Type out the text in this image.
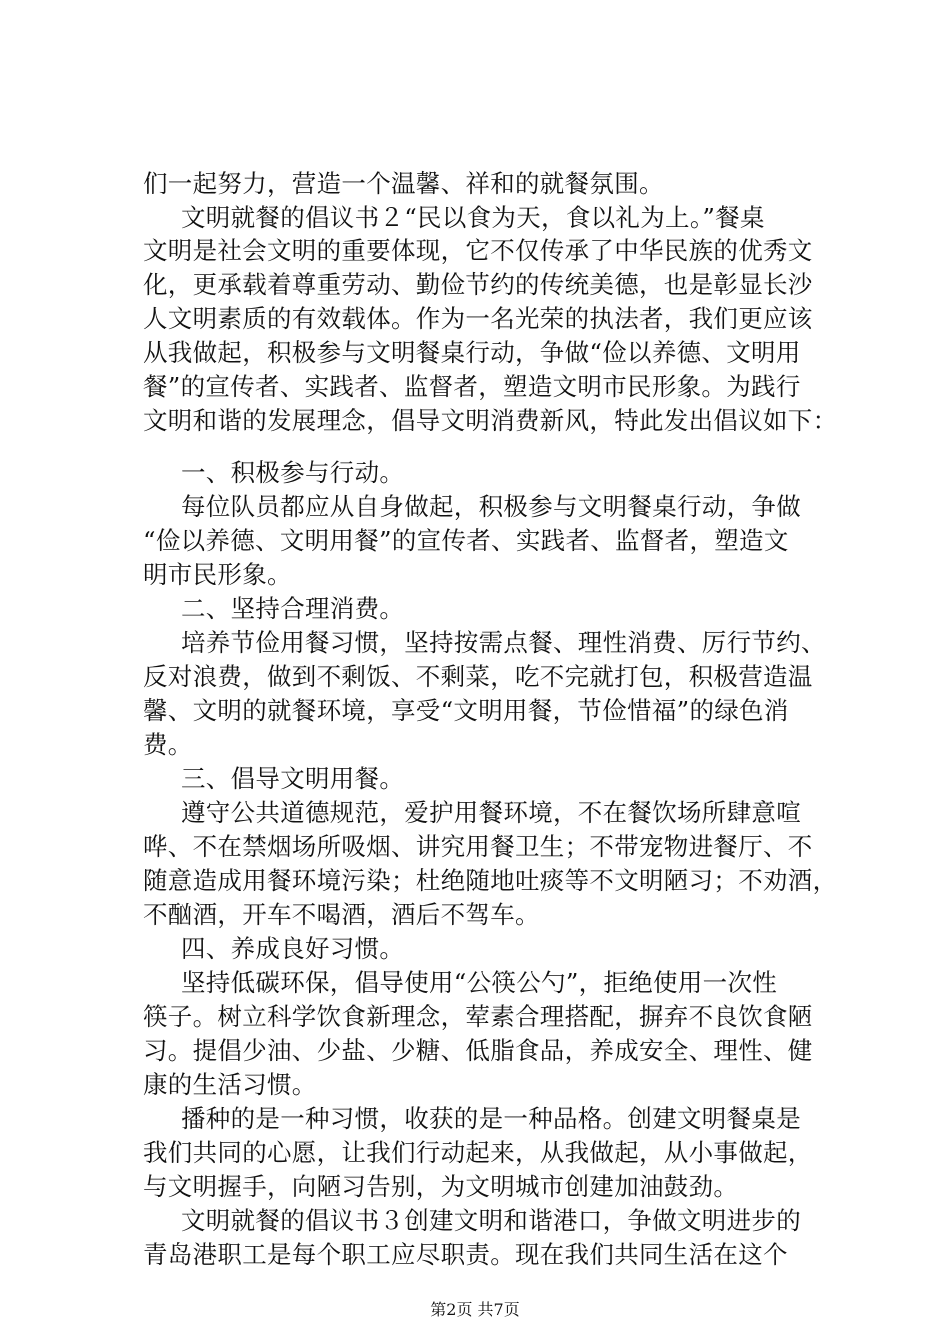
们一起努力，营造一个温馨、祥和的就餐氛围。
文明就餐的倡议书２“民以食为天，食以礼为上。”餐桌
文明是社会文明的重要体现，它不仅传承了中华民族的优秀文
化，更承载着尊重劳动、勤俭节约的传统美德，也是彰显长沙
人文明素质的有效载体。作为一名光荣的执法者，我们更应该
从我做起，积极参与文明餐桌行动，争做“俭以养德、文明用
餐”的宣传者、实践者、监督者，塑造文明市民形象。为践行
文明和谐的发展理念，倡导文明消费新风，特此发出倡议如下：
一、积极参与行动。
每位队员都应从自身做起，积极参与文明餐桌行动，争做
“俭以养德、文明用餐”的宣传者、实践者、监督者，塑造文
明市民形象。
二、坚持合理消费。
培养节俭用餐习惯，坚持按需点餐、理性消费、厉行节约、
反对浪费，做到不剩饭、不剩菜，吃不完就打包，积极营造温
馨、文明的就餐环境，享受“文明用餐，节俭惜福”的绿色消
费。
三、倡导文明用餐。
遵守公共道德规范，爱护用餐环境，不在餐饮场所肆意喧
哗、不在禁烟场所吸烟、讲究用餐卫生；不带宠物进餐厅、不
随意造成用餐环境污染；杜绝随地吐痰等不文明陋习；不劝酒，
不酗酒，开车不喝酒，酒后不驾车。
四、养成良好习惯。
坚持低碳环保，倡导使用“公筷公勺”，拒绝使用一次性
筷子。树立科学饮食新理念，荤素合理搭配，摒弃不良饮食陋
习。提倡少油、少盐、少糖、低脂食品，养成安全、理性、健
康的生活习惯。
播种的是一种习惯，收获的是一种品格。创建文明餐桌是
我们共同的心愿，让我们行动起来，从我做起，从小事做起，
与文明握手，向陋习告别，为文明城市创建加油鼓劲。
文明就餐的倡议书３创建文明和谐港口，争做文明进步的
青岛港职工是每个职工应尽职责。现在我们共同生活在这个
第2页 共7页
